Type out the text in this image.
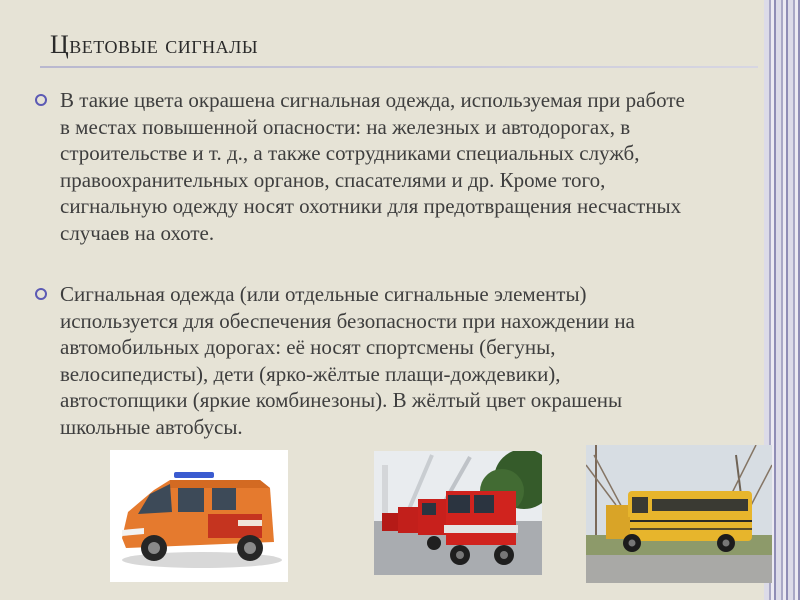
Цветовые сигналы
В такие цвета окрашена сигнальная одежда, используемая при работе в местах повышенной опасности: на железных и автодорогах, в строительстве и т. д., а также сотрудниками специальных служб, правоохранительных органов, спасателями и др. Кроме того, сигнальную одежду носят охотники для предотвращения несчастных случаев на охоте.
Сигнальная одежда (или отдельные сигнальные элементы) используется для обеспечения безопасности при нахождении на автомобильных дорогах: её носят спортсмены (бегуны, велосипедисты), дети (ярко-жёлтые плащи-дождевики), автостопщики (яркие комбинезоны). В жёлтый цвет окрашены школьные автобусы.
